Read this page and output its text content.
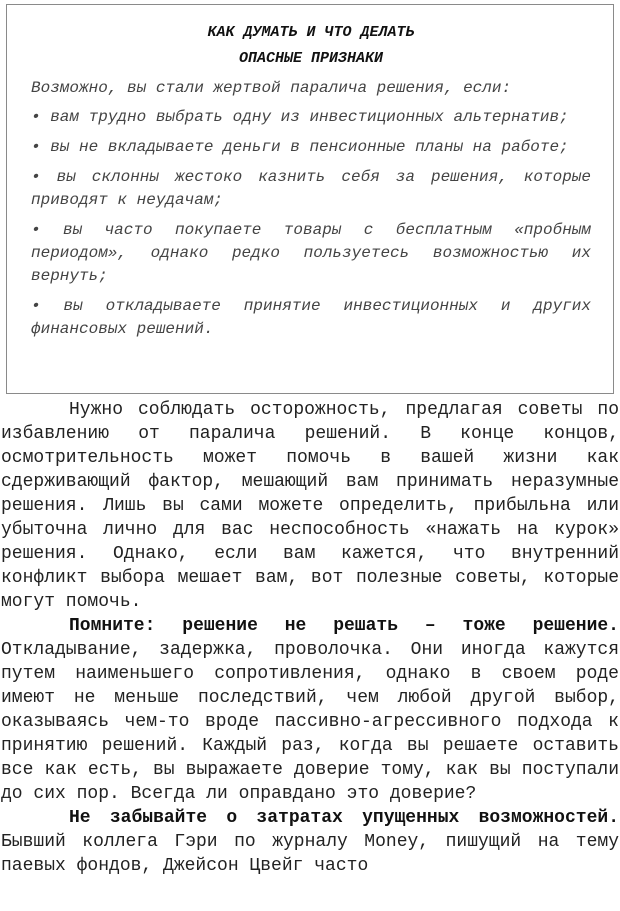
КАК ДУМАТЬ И ЧТО ДЕЛАТЬ

ОПАСНЫЕ ПРИЗНАКИ

Возможно, вы стали жертвой паралича решения, если:

• вам трудно выбрать одну из инвестиционных альтернатив;

• вы не вкладываете деньги в пенсионные планы на работе;

• вы склонны жестоко казнить себя за решения, которые приводят к неудачам;

• вы часто покупаете товары с бесплатным «пробным периодом», однако редко пользуетесь возможностью их вернуть;

• вы откладываете принятие инвестиционных и других финансовых решений.

Нужно соблюдать осторожность, предлагая советы по избавлению от паралича решений. В конце концов, осмотрительность может помочь в вашей жизни как сдерживающий фактор, мешающий вам принимать неразумные решения. Лишь вы сами можете определить, прибыльна или убыточна лично для вас неспособность «нажать на курок» решения. Однако, если вам кажется, что внутренний конфликт выбора мешает вам, вот полезные советы, которые могут помочь.

Помните: решение не решать – тоже решение. Откладывание, задержка, проволочка. Они иногда кажутся путем наименьшего сопротивления, однако в своем роде имеют не меньше последствий, чем любой другой выбор, оказываясь чем-то вроде пассивно-агрессивного подхода к принятию решений. Каждый раз, когда вы решаете оставить все как есть, вы выражаете доверие тому, как вы поступали до сих пор. Всегда ли оправдано это доверие?

Не забывайте о затратах упущенных возможностей. Бывший коллега Гэри по журналу Money, пишущий на тему паевых фондов, Джейсон Цвейг часто
